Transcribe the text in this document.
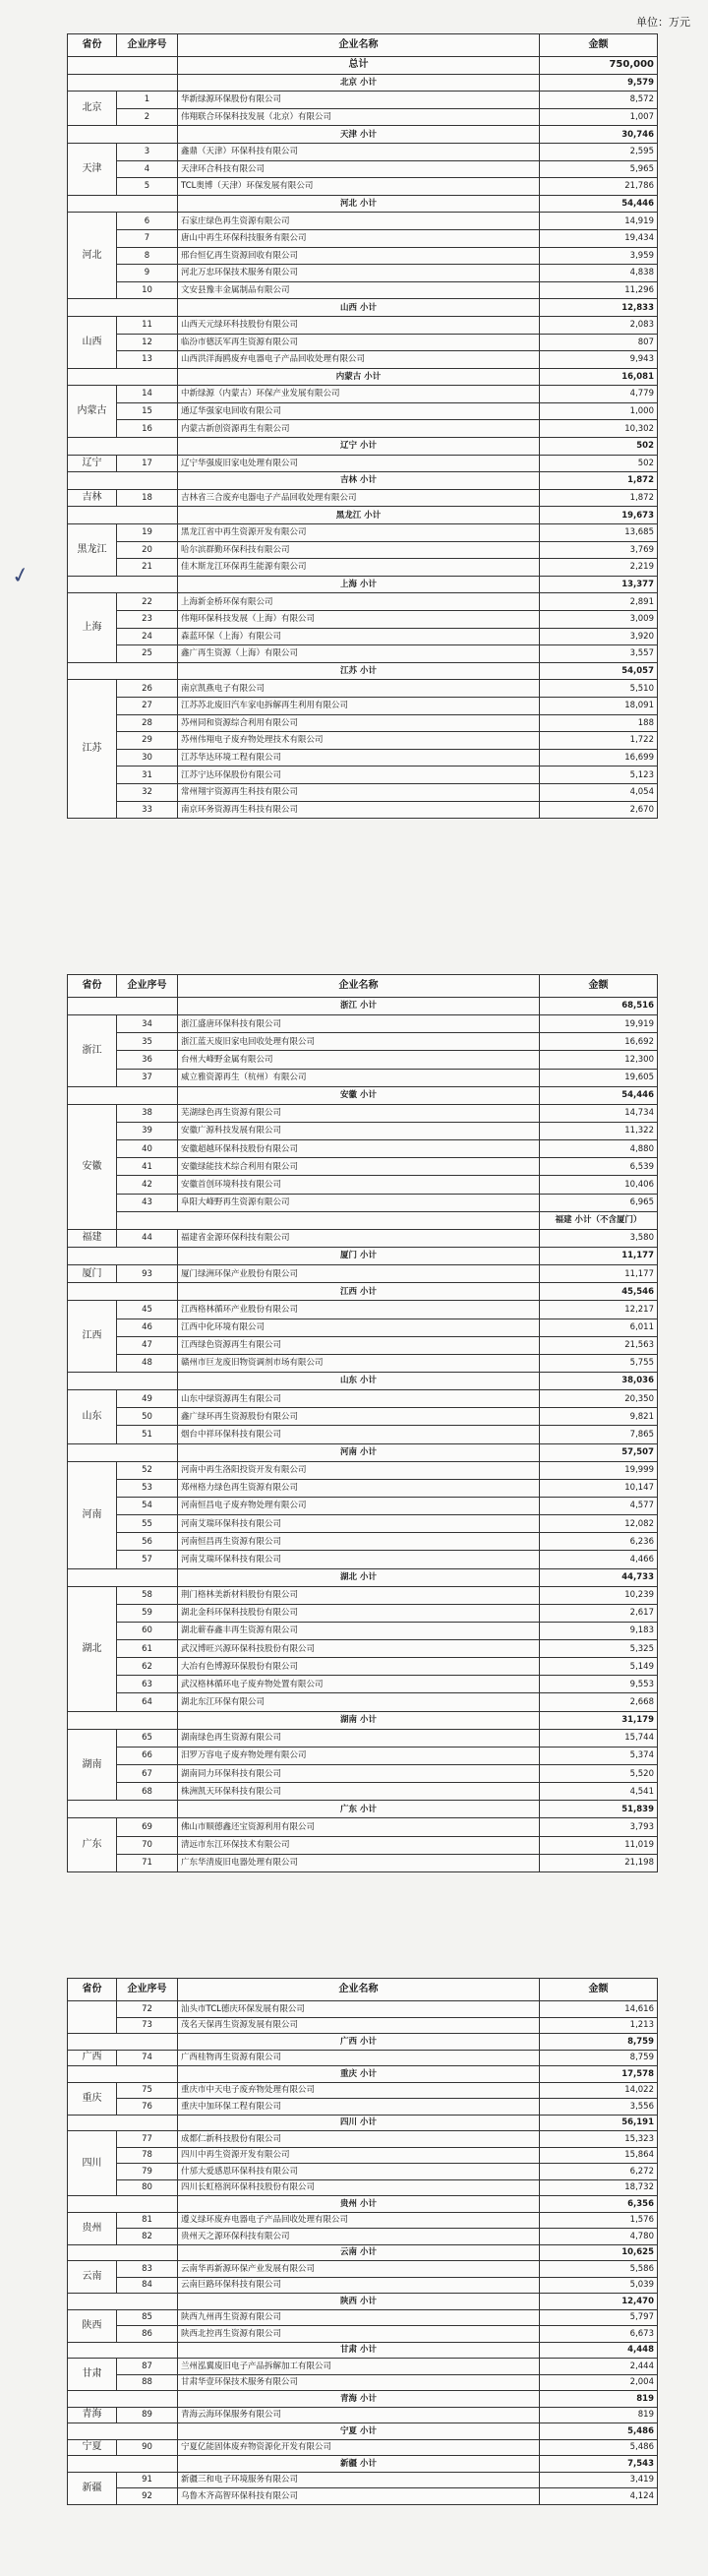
单位：万元
✓
省份	企业序号	企业名称	金额
		总计	750,000
		北京 小计	9,579
北京	1	华新绿源环保股份有限公司	8,572
	2	伟翔联合环保科技发展（北京）有限公司	1,007
		天津 小计	30,746
天津	3	鑫鼎（天津）环保科技有限公司	2,595
	4	天津环合科技有限公司	5,965
	5	TCL奥博（天津）环保发展有限公司	21,786
		河北 小计	54,446
河北	6	石家庄绿色再生资源有限公司	14,919
	7	唐山中再生环保科技服务有限公司	19,434
	8	邢台恒亿再生资源回收有限公司	3,959
	9	河北万忠环保技术服务有限公司	4,838
	10	文安县豫丰金属制品有限公司	11,296
		山西 小计	12,833
山西	11	山西天元绿环科技股份有限公司	2,083
	12	临汾市德沃军再生资源有限公司	807
	13	山西洪洋海鸥废弃电器电子产品回收处理有限公司	9,943
		内蒙古 小计	16,081
内蒙古	14	中新绿源（内蒙古）环保产业发展有限公司	4,779
	15	通辽华强家电回收有限公司	1,000
	16	内蒙古新创资源再生有限公司	10,302
		辽宁 小计	502
辽宁	17	辽宁华强废旧家电处理有限公司	502
		吉林 小计	1,872
吉林	18	吉林省三合废弃电器电子产品回收处理有限公司	1,872
		黑龙江 小计	19,673
黑龙江	19	黑龙江省中再生资源开发有限公司	13,685
	20	哈尔滨群勤环保科技有限公司	3,769
	21	佳木斯龙江环保再生能源有限公司	2,219
		上海 小计	13,377
上海	22	上海新金桥环保有限公司	2,891
	23	伟翔环保科技发展（上海）有限公司	3,009
	24	森蓝环保（上海）有限公司	3,920
	25	鑫广再生资源（上海）有限公司	3,557
		江苏 小计	54,057
江苏	26	南京凯燕电子有限公司	5,510
	27	江苏苏北废旧汽车家电拆解再生利用有限公司	18,091
	28	苏州同和资源综合利用有限公司	188
	29	苏州伟翔电子废弃物处理技术有限公司	1,722
	30	江苏华达环境工程有限公司	16,699
	31	江苏宁达环保股份有限公司	5,123
	32	常州翔宇资源再生科技有限公司	4,054
	33	南京环务资源再生科技有限公司	2,670
省份	企业序号	企业名称	金额	
		浙江 小计	68,516	
浙江	34	浙江盛唐环保科技有限公司	19,919	
	35	浙江蓝天废旧家电回收处理有限公司	16,692	
	36	台州大峰野金属有限公司	12,300	
	37	威立雅资源再生（杭州）有限公司	19,605	
		安徽 小计	54,446	
安徽	38	芜湖绿色再生资源有限公司	14,734	
	39	安徽广源科技发展有限公司	11,322	
	40	安徽超越环保科技股份有限公司	4,880	
	41	安徽绿能技术综合利用有限公司	6,539	
	42	安徽首创环境科技有限公司	10,406	
	43	阜阳大峰野再生资源有限公司	6,965	
			福建 小计（不含厦门）	
福建	44	福建省金源环保科技有限公司	3,580	
		厦门 小计	11,177	
厦门	93	厦门绿洲环保产业股份有限公司	11,177	
		江西 小计	45,546	
江西	45	江西格林循环产业股份有限公司	12,217	
	46	江西中化环境有限公司	6,011	
	47	江西绿色资源再生有限公司	21,563	
	48	赣州市巨龙废旧物资调剂市场有限公司	5,755	
		山东 小计	38,036	
山东	49	山东中绿资源再生有限公司	20,350	
	50	鑫广绿环再生资源股份有限公司	9,821	
	51	烟台中祥环保科技有限公司	7,865	
		河南 小计	57,507	
河南	52	河南中再生洛阳投资开发有限公司	19,999	
	53	郑州格力绿色再生资源有限公司	10,147	
	54	河南恒昌电子废弃物处理有限公司	4,577	
	55	河南艾瑞环保科技有限公司	12,082	
	56	河南恒昌再生资源有限公司	6,236	
	57	河南艾瑞环保科技有限公司	4,466	
		湖北 小计	44,733	
湖北	58	荆门格林美新材料股份有限公司	10,239	
	59	湖北金科环保科技股份有限公司	2,617	
	60	湖北蕲春鑫丰再生资源有限公司	9,183	
	61	武汉博旺兴源环保科技股份有限公司	5,325	
	62	大冶有色博源环保股份有限公司	5,149	
	63	武汉格林循环电子废弃物处置有限公司	9,553	
	64	湖北东江环保有限公司	2,668	
		湖南 小计	31,179	
湖南	65	湖南绿色再生资源有限公司	15,744	
	66	汨罗万容电子废弃物处理有限公司	5,374	
	67	湖南同力环保科技有限公司	5,520	
	68	株洲凯天环保科技有限公司	4,541	
		广东 小计	51,839	
广东	69	佛山市顺德鑫还宝资源利用有限公司	3,793	
	70	清远市东江环保技术有限公司	11,019	
	71	广东华清废旧电器处理有限公司	21,198	
省份	企业序号	企业名称	金额
	72	汕头市TCL德庆环保发展有限公司	14,616
	73	茂名天保再生资源发展有限公司	1,213
		广西 小计	8,759
广西	74	广西桂物再生资源有限公司	8,759
		重庆 小计	17,578
重庆	75	重庆市中天电子废弃物处理有限公司	14,022
	76	重庆中加环保工程有限公司	3,556
		四川 小计	56,191
四川	77	成都仁新科技股份有限公司	15,323
	78	四川中再生资源开发有限公司	15,864
	79	什邡大爱感恩环保科技有限公司	6,272
	80	四川长虹格润环保科技股份有限公司	18,732
		贵州 小计	6,356
贵州	81	遵义绿环废弃电器电子产品回收处理有限公司	1,576
	82	贵州天之源环保科技有限公司	4,780
		云南 小计	10,625
云南	83	云南华再新源环保产业发展有限公司	5,586
	84	云南巨路环保科技有限公司	5,039
		陕西 小计	12,470
陕西	85	陕西九州再生资源有限公司	5,797
	86	陕西北控再生资源有限公司	6,673
		甘肃 小计	4,448
甘肃	87	兰州泓翼废旧电子产品拆解加工有限公司	2,444
	88	甘肃华壹环保技术服务有限公司	2,004
		青海 小计	819
青海	89	青海云海环保服务有限公司	819
		宁夏 小计	5,486
宁夏	90	宁夏亿能固体废弃物资源化开发有限公司	5,486
		新疆 小计	7,543
新疆	91	新疆三和电子环境服务有限公司	3,419
	92	乌鲁木齐高智环保科技有限公司	4,124
